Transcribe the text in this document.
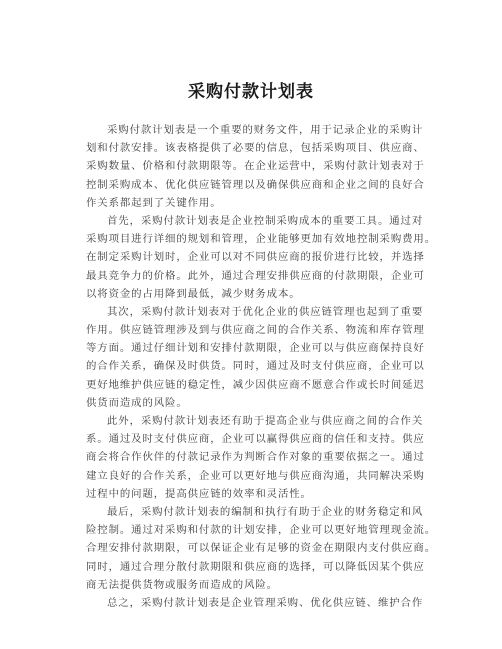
采购付款计划表
采购付款计划表是一个重要的财务文件，用于记录企业的采购计
划和付款安排。该表格提供了必要的信息，包括采购项目、供应商、
采购数量、价格和付款期限等。在企业运营中，采购付款计划表对于
控制采购成本、优化供应链管理以及确保供应商和企业之间的良好合
作关系都起到了关键作用。
首先，采购付款计划表是企业控制采购成本的重要工具。通过对
采购项目进行详细的规划和管理，企业能够更加有效地控制采购费用。
在制定采购计划时，企业可以对不同供应商的报价进行比较，并选择
最具竞争力的价格。此外，通过合理安排供应商的付款期限，企业可
以将资金的占用降到最低，减少财务成本。
其次，采购付款计划表对于优化企业的供应链管理也起到了重要
作用。供应链管理涉及到与供应商之间的合作关系、物流和库存管理
等方面。通过仔细计划和安排付款期限，企业可以与供应商保持良好
的合作关系，确保及时供货。同时，通过及时支付供应商，企业可以
更好地维护供应链的稳定性，减少因供应商不愿意合作或长时间延迟
供货而造成的风险。
此外，采购付款计划表还有助于提高企业与供应商之间的合作关
系。通过及时支付供应商，企业可以赢得供应商的信任和支持。供应
商会将合作伙伴的付款记录作为判断合作对象的重要依据之一。通过
建立良好的合作关系，企业可以更好地与供应商沟通，共同解决采购
过程中的问题，提高供应链的效率和灵活性。
最后，采购付款计划表的编制和执行有助于企业的财务稳定和风
险控制。通过对采购和付款的计划安排，企业可以更好地管理现金流。
合理安排付款期限，可以保证企业有足够的资金在期限内支付供应商。
同时，通过合理分散付款期限和供应商的选择，可以降低因某个供应
商无法提供货物或服务而造成的风险。
总之，采购付款计划表是企业管理采购、优化供应链、维护合作
